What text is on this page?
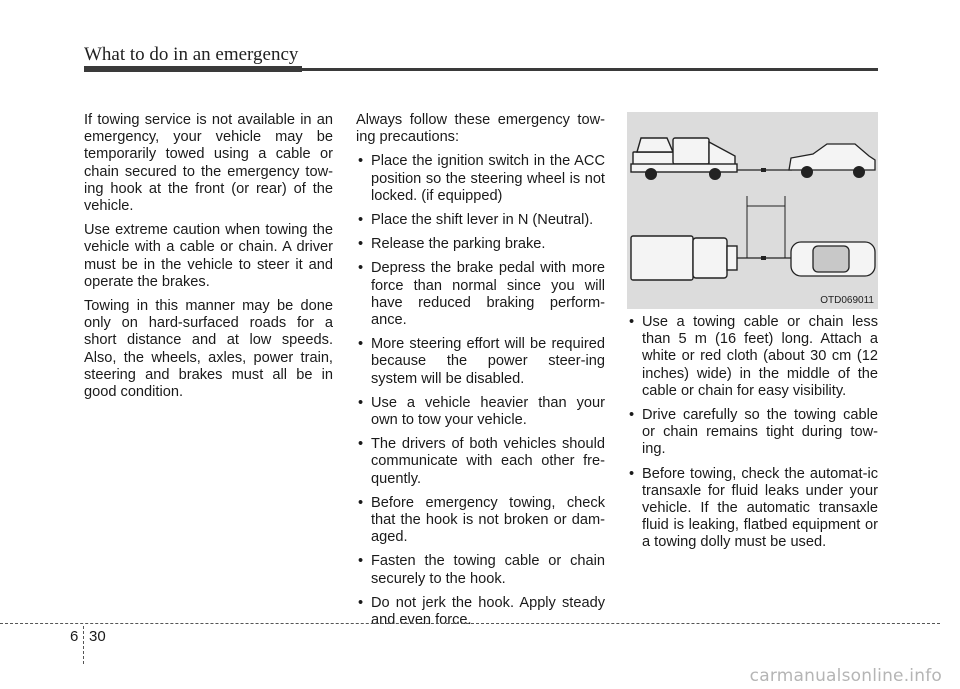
What to do in an emergency

If towing service is not available in an emergency, your vehicle may be temporarily towed using a cable or chain secured to the emergency tow-ing hook at the front (or rear) of the vehicle.

Use extreme caution when towing the vehicle with a cable or chain. A driver must be in the vehicle to steer it and operate the brakes.

Towing in this manner may be done only on hard-surfaced roads for a short distance and at low speeds. Also, the wheels, axles, power train, steering and brakes must all be in good condition.

Always follow these emergency tow-ing precautions:

• Place the ignition switch in the ACC position so the steering wheel is not locked. (if equipped)
• Place the shift lever in N (Neutral).
• Release the parking brake.
• Depress the brake pedal with more force than normal since you will have reduced braking perform-ance.
• More steering effort will be required because the power steer-ing system will be disabled.
• Use a vehicle heavier than your own to tow your vehicle.
• The drivers of both vehicles should communicate with each other fre-quently.
• Before emergency towing, check that the hook is not broken or dam-aged.
• Fasten the towing cable or chain securely to the hook.
• Do not jerk the hook. Apply steady and even force.
OTD069011
• Use a towing cable or chain less than 5 m (16 feet) long. Attach a white or red cloth (about 30 cm (12 inches) wide) in the middle of the cable or chain for easy visibility.
• Drive carefully so the towing cable or chain remains tight during tow-ing.
• Before towing, check the automat-ic transaxle for fluid leaks under your vehicle. If the automatic transaxle fluid is leaking, flatbed equipment or a towing dolly must be used.
6 30
carmanualsonline.info
